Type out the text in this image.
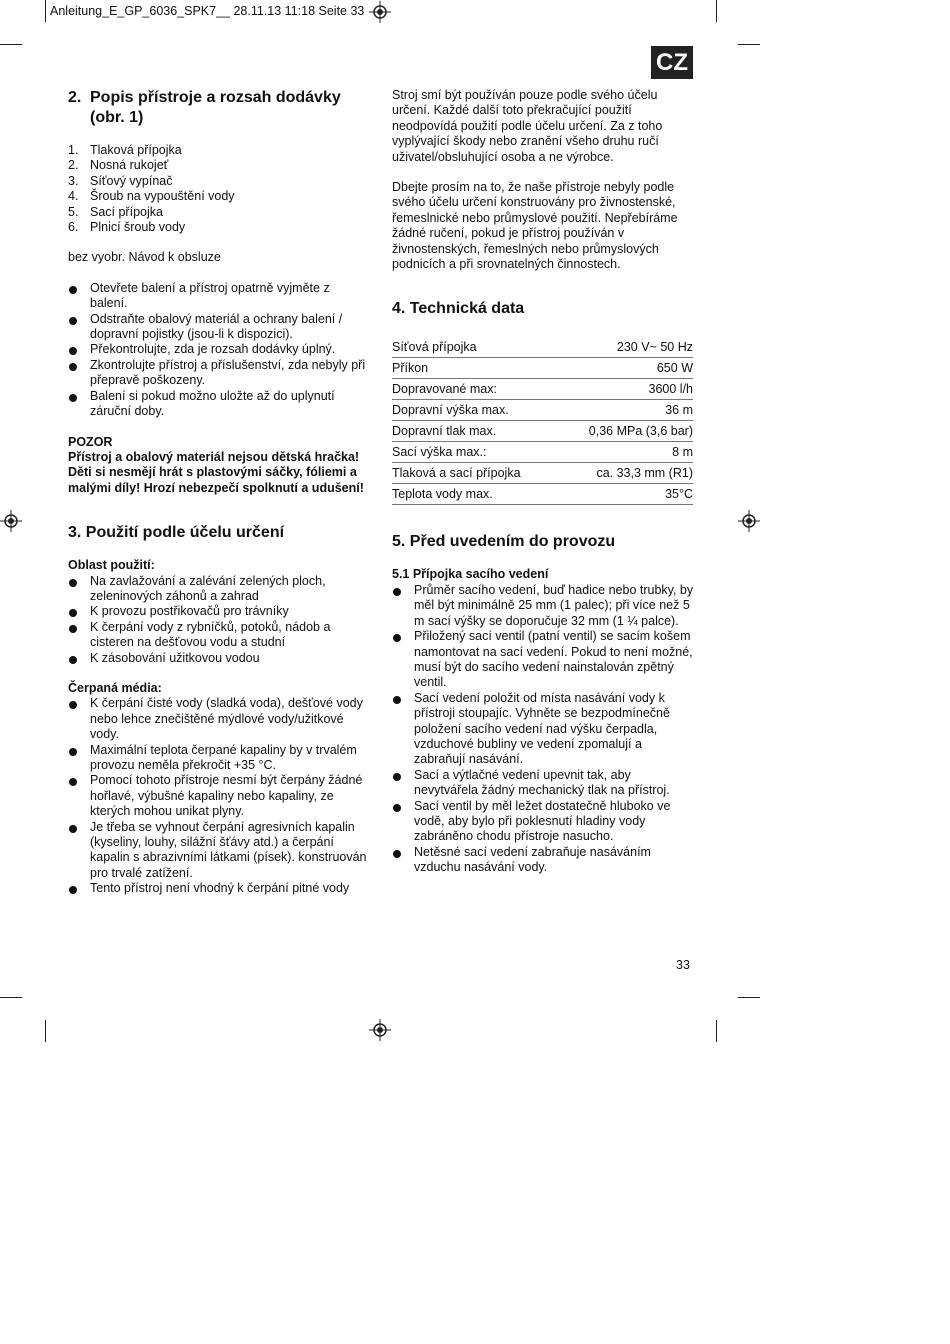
Anleitung_E_GP_6036_SPK7__ 28.11.13 11:18 Seite 33
CZ
2. Popis přístroje a rozsah dodávky (obr. 1)
1. Tlaková přípojka
2. Nosná rukojeť
3. Síťový vypínač
4. Šroub na vypouštění vody
5. Sací přípojka
6. Plnicí šroub vody

bez vyobr. Návod k obsluze

Otevřete balení a přístroj opatrně vyjměte z balení.
Odstraňte obalový materiál a ochrany balení / dopravní pojistky (jsou-li k dispozici).
Překontrolujte, zda je rozsah dodávky úplný.
Zkontrolujte přístroj a příslušenství, zda nebyly při přepravě poškozeny.
Balení si pokud možno uložte až do uplynutí záruční doby.

POZOR

Přístroj a obalový materiál nejsou dětská hračka! Děti si nesmějí hrát s plastovými sáčky, fóliemi a malými díly! Hrozí nebezpečí spolknutí a udušení!

3. Použití podle účelu určení

Oblast použití:

Na zavlažování a zalévání zelených ploch, zeleninových záhonů a zahrad
K provozu postřikovačů pro trávníky
K čerpání vody z rybníčků, potoků, nádob a cisteren na dešťovou vodu a studní
K zásobování užitkovou vodou

Čerpaná média:

K čerpání čisté vody (sladká voda), dešťové vody nebo lehce znečištěné mýdlové vody/užitkové vody.
Maximální teplota čerpané kapaliny by v trvalém provozu neměla překročit +35 °C.
Pomocí tohoto přístroje nesmí být čerpány žádné hořlavé, výbušné kapaliny nebo kapaliny, ze kterých mohou unikat plyny.
Je třeba se vyhnout čerpání agresivních kapalin (kyseliny, louhy, silážní šťávy atd.) a čerpání kapalin s abrazivními látkami (písek). konstruován pro trvalé zatížení.
Tento přístroj není vhodný k čerpání pitné vody

Stroj smí být používán pouze podle svého účelu určení. Každé další toto překračující použití neodpovídá použití podle účelu určení. Za z toho vyplývající škody nebo zranění všeho druhu ručí uživatel/obsluhující osoba a ne výrobce.

Dbejte prosím na to, že naše přístroje nebyly podle svého účelu určení konstruovány pro živnostenské, řemeslnické nebo průmyslové použití. Nepřebíráme žádné ručení, pokud je přístroj používán v živnostenských, řemeslných nebo průmyslových podnicích a při srovnatelných činnostech.

4. Technická data
Síťová přípojka	230 V~ 50 Hz
Příkon	650 W
Dopravované max:	3600 l/h
Dopravní výška max.	36 m
Dopravní tlak max.	0,36 MPa (3,6 bar)
Sací výška max.:	8 m
Tlaková a sací přípojka	ca. 33,3 mm (R1)
Teplota vody max.	35°C
5. Před uvedením do provozu

5.1 Přípojka sacího vedení

Průměr sacího vedení, buď hadice nebo trubky, by měl být minimálně 25 mm (1 palec); při více než 5 m sací výšky se doporučuje 32 mm (1 ¼ palce).
Přiložený sací ventil (patní ventil) se sacím košem namontovat na sací vedení. Pokud to není možné, musí být do sacího vedení nainstalován zpětný ventil.
Sací vedení položit od místa nasávání vody k přístroji stoupajíc. Vyhněte se bezpodmínečně položení sacího vedení nad výšku čerpadla, vzduchové bubliny ve vedení zpomalují a zabraňují nasávání.
Sací a výtlačné vedení upevnit tak, aby nevytvářela žádný mechanický tlak na přístroj.
Sací ventil by měl ležet dostatečně hluboko ve vodě, aby bylo při poklesnutí hladiny vody zabráněno chodu přístroje nasucho.
Netěsné sací vedení zabraňuje nasáváním vzduchu nasávání vody.
33
